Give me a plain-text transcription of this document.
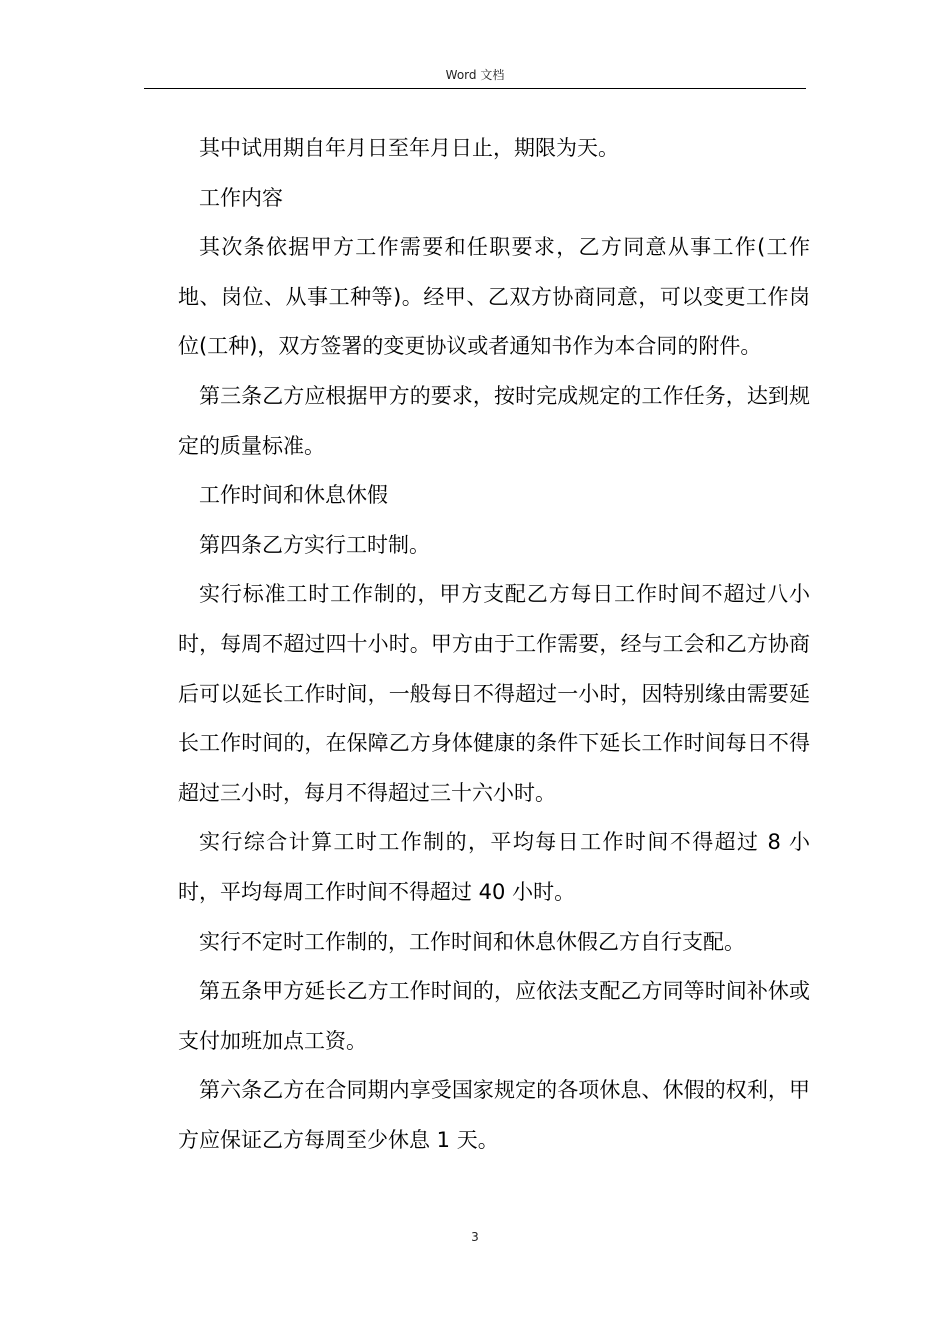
Word 文档

其中试用期自年月日至年月日止，期限为天。

工作内容

其次条依据甲方工作需要和任职要求，乙方同意从事工作(工作地、岗位、从事工种等)。经甲、乙双方协商同意，可以变更工作岗位(工种)，双方签署的变更协议或者通知书作为本合同的附件。

第三条乙方应根据甲方的要求，按时完成规定的工作任务，达到规定的质量标准。

工作时间和休息休假

第四条乙方实行工时制。

实行标准工时工作制的，甲方支配乙方每日工作时间不超过八小时，每周不超过四十小时。甲方由于工作需要，经与工会和乙方协商后可以延长工作时间，一般每日不得超过一小时，因特别缘由需要延长工作时间的，在保障乙方身体健康的条件下延长工作时间每日不得超过三小时，每月不得超过三十六小时。

实行综合计算工时工作制的，平均每日工作时间不得超过 8 小时，平均每周工作时间不得超过 40 小时。

实行不定时工作制的，工作时间和休息休假乙方自行支配。

第五条甲方延长乙方工作时间的，应依法支配乙方同等时间补休或支付加班加点工资。

第六条乙方在合同期内享受国家规定的各项休息、休假的权利，甲方应保证乙方每周至少休息 1 天。

3
